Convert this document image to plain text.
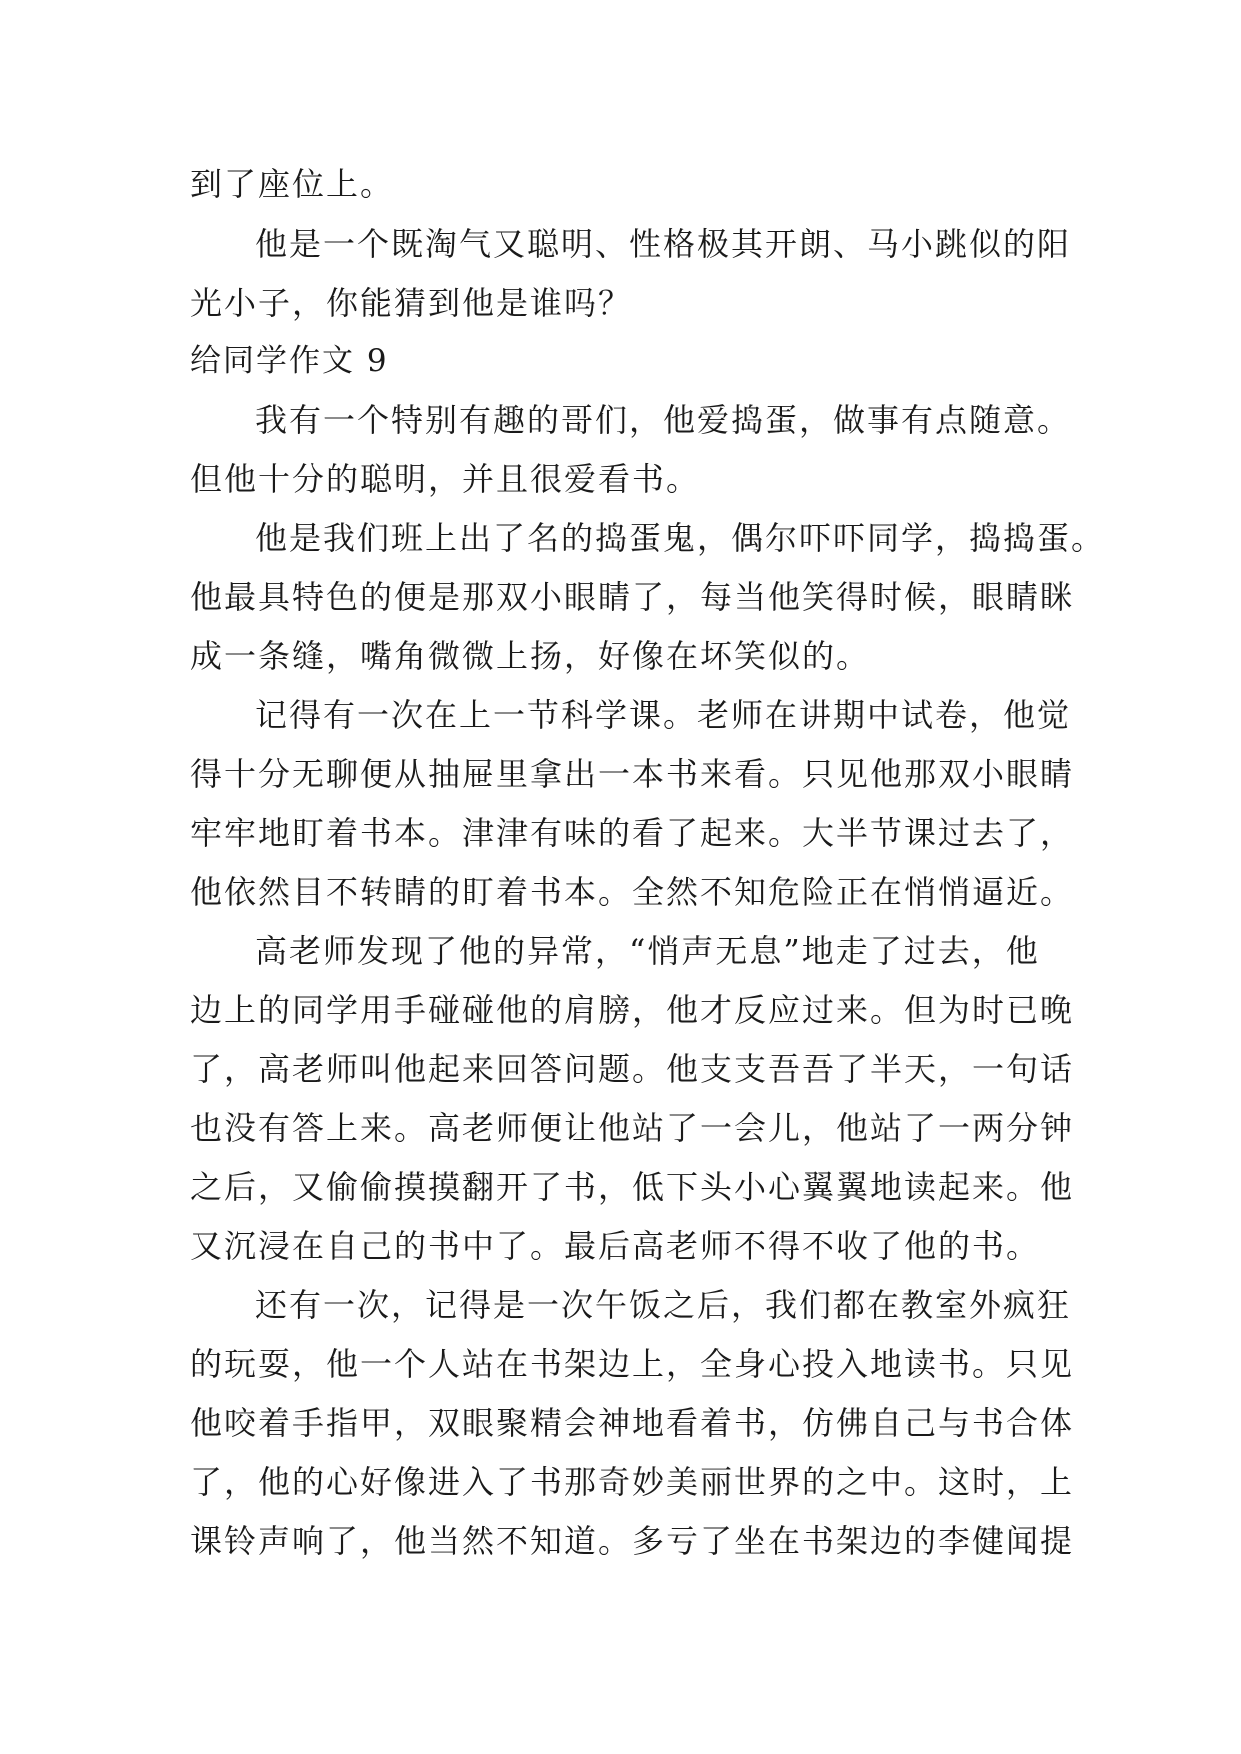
到了座位上。
他是一个既淘气又聪明、性格极其开朗、马小跳似的阳
光小子，你能猜到他是谁吗？
给同学作文 9
我有一个特别有趣的哥们，他爱捣蛋，做事有点随意。
但他十分的聪明，并且很爱看书。
他是我们班上出了名的捣蛋鬼，偶尔吓吓同学，捣捣蛋。
他最具特色的便是那双小眼睛了，每当他笑得时候，眼睛眯
成一条缝，嘴角微微上扬，好像在坏笑似的。
记得有一次在上一节科学课。老师在讲期中试卷，他觉
得十分无聊便从抽屉里拿出一本书来看。只见他那双小眼睛
牢牢地盯着书本。津津有味的看了起来。大半节课过去了，
他依然目不转睛的盯着书本。全然不知危险正在悄悄逼近。
高老师发现了他的异常，“悄声无息”地走了过去，他
边上的同学用手碰碰他的肩膀，他才反应过来。但为时已晚
了，高老师叫他起来回答问题。他支支吾吾了半天，一句话
也没有答上来。高老师便让他站了一会儿，他站了一两分钟
之后，又偷偷摸摸翻开了书，低下头小心翼翼地读起来。他
又沉浸在自己的书中了。最后高老师不得不收了他的书。
还有一次，记得是一次午饭之后，我们都在教室外疯狂
的玩耍，他一个人站在书架边上，全身心投入地读书。只见
他咬着手指甲，双眼聚精会神地看着书，仿佛自己与书合体
了，他的心好像进入了书那奇妙美丽世界的之中。这时，上
课铃声响了，他当然不知道。多亏了坐在书架边的李健闻提
